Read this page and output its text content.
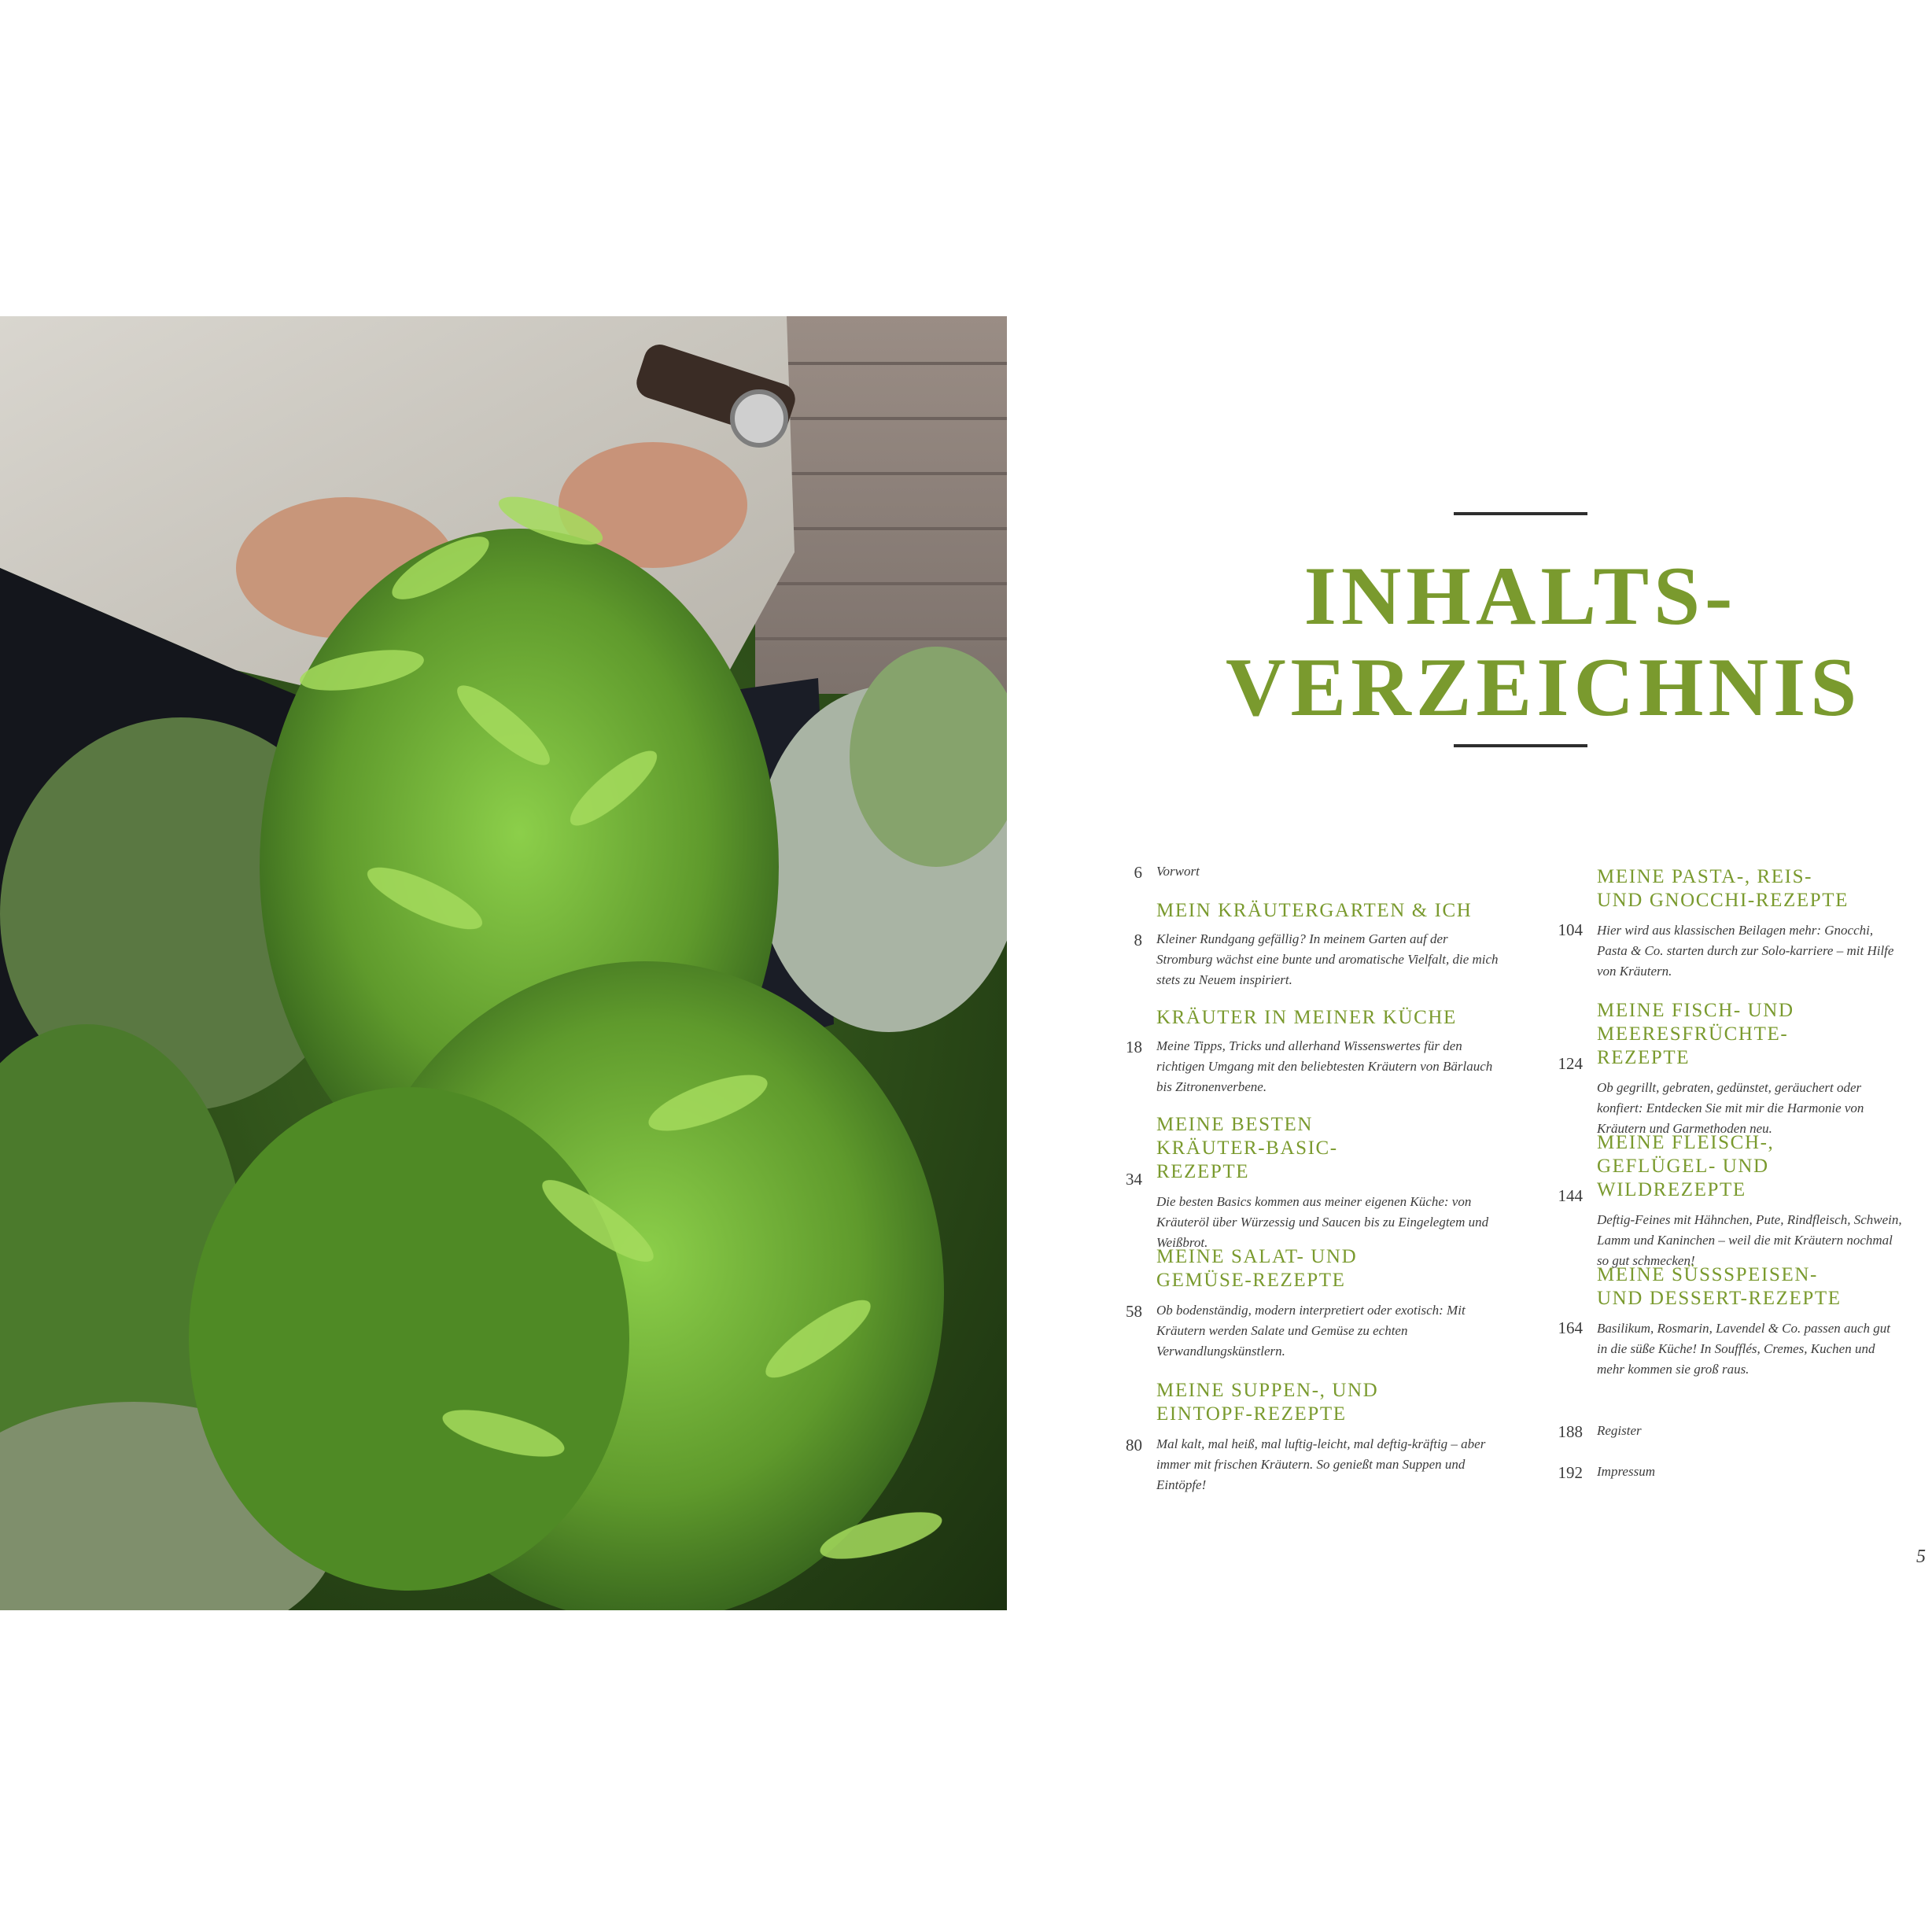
INHALTS-
VERZEICHNIS
6 Vorwort
MEIN KRÄUTERGARTEN & ICH
8 Kleiner Rundgang gefällig? In meinem Garten auf der Stromburg wächst eine bunte und aromatische Vielfalt, die mich stets zu Neuem inspiriert.
KRÄUTER IN MEINER KÜCHE
18 Meine Tipps, Tricks und allerhand Wissenswertes für den richtigen Umgang mit den beliebtesten Kräutern von Bärlauch bis Zitronenverbene.
MEINE BESTEN KRÄUTER-BASIC-REZEPTE
34
Die besten Basics kommen aus meiner eigenen Küche: von Kräuteröl über Würzessig und Saucen bis zu Eingelegtem und Weißbrot.
MEINE SALAT- UND GEMÜSE-REZEPTE
58 Ob bodenständig, modern interpretiert oder exotisch: Mit Kräutern werden Salate und Gemüse zu echten Verwandlungskünstlern.
MEINE SUPPEN-, UND EINTOPF-REZEPTE
80 Mal kalt, mal heiß, mal luftig-leicht, mal deftig-kräftig – aber immer mit frischen Kräutern. So genießt man Suppen und Eintöpfe!
MEINE PASTA-, REIS- UND GNOCCHI-REZEPTE
104 Hier wird aus klassischen Beilagen mehr: Gnocchi, Pasta & Co. starten durch zur Solo-karriere – mit Hilfe von Kräutern.
MEINE FISCH- UND MEERESFRÜCHTE-REZEPTE
124
Ob gegrillt, gebraten, gedünstet, geräuchert oder konfiert: Entdecken Sie mit mir die Harmonie von Kräutern und Garmethoden neu.
MEINE FLEISCH-, GEFLÜGEL- UND WILDREZEPTE
144
Deftig-Feines mit Hähnchen, Pute, Rindfleisch, Schwein, Lamm und Kaninchen – weil die mit Kräutern nochmal so gut schmecken!
MEINE SÜSSSPEISEN- UND DESSERT-REZEPTE
164 Basilikum, Rosmarin, Lavendel & Co. passen auch gut in die süße Küche! In Soufflés, Cremes, Kuchen und mehr kommen sie groß raus.
188 Register
192 Impressum
5
